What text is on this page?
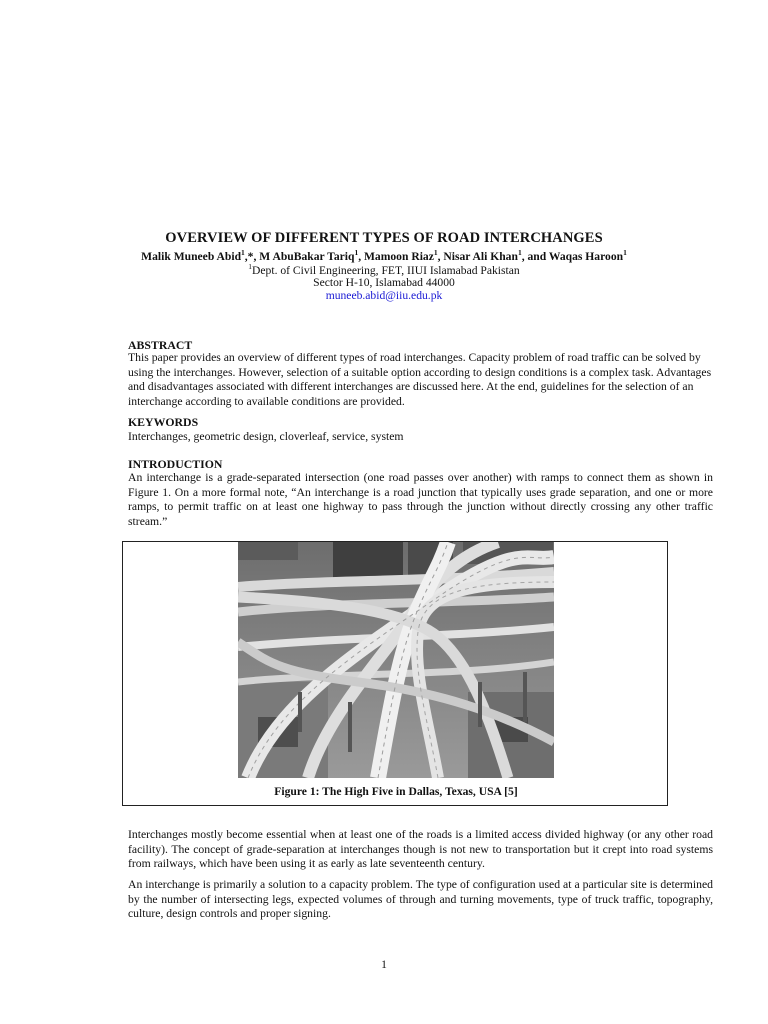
OVERVIEW OF DIFFERENT TYPES OF ROAD INTERCHANGES
Malik Muneeb Abid$^1$,*, M AbuBakar Tariq$^1$, Mamoon Riaz$^1$, Nisar Ali Khan$^1$, and Waqas Haroon$^1$
$^1$Dept. of Civil Engineering, FET, IIUI Islamabad Pakistan
Sector H-10, Islamabad 44000
muneeb.abid@iiu.edu.pk
ABSTRACT
This paper provides an overview of different types of road interchanges. Capacity problem of road traffic can be solved by using the interchanges. However, selection of a suitable option according to design conditions is a complex task. Advantages and disadvantages associated with different interchanges are discussed here. At the end, guidelines for the selection of an interchange according to available conditions are provided.
KEYWORDS
Interchanges, geometric design, cloverleaf, service, system
INTRODUCTION
An interchange is a grade-separated intersection (one road passes over another) with ramps to connect them as shown in Figure 1. On a more formal note, “An interchange is a road junction that typically uses grade separation, and one or more ramps, to permit traffic on at least one highway to pass through the junction without directly crossing any other traffic stream.”
Figure 1: The High Five in Dallas, Texas, USA [5]
Interchanges mostly become essential when at least one of the roads is a limited access divided highway (or any other road facility). The concept of grade-separation at interchanges though is not new to transportation but it crept into road systems from railways, which have been using it as early as late seventeenth century.
An interchange is primarily a solution to a capacity problem. The type of configuration used at a particular site is determined by the number of intersecting legs, expected volumes of through and turning movements, type of truck traffic, topography, culture, design controls and proper signing.
1
